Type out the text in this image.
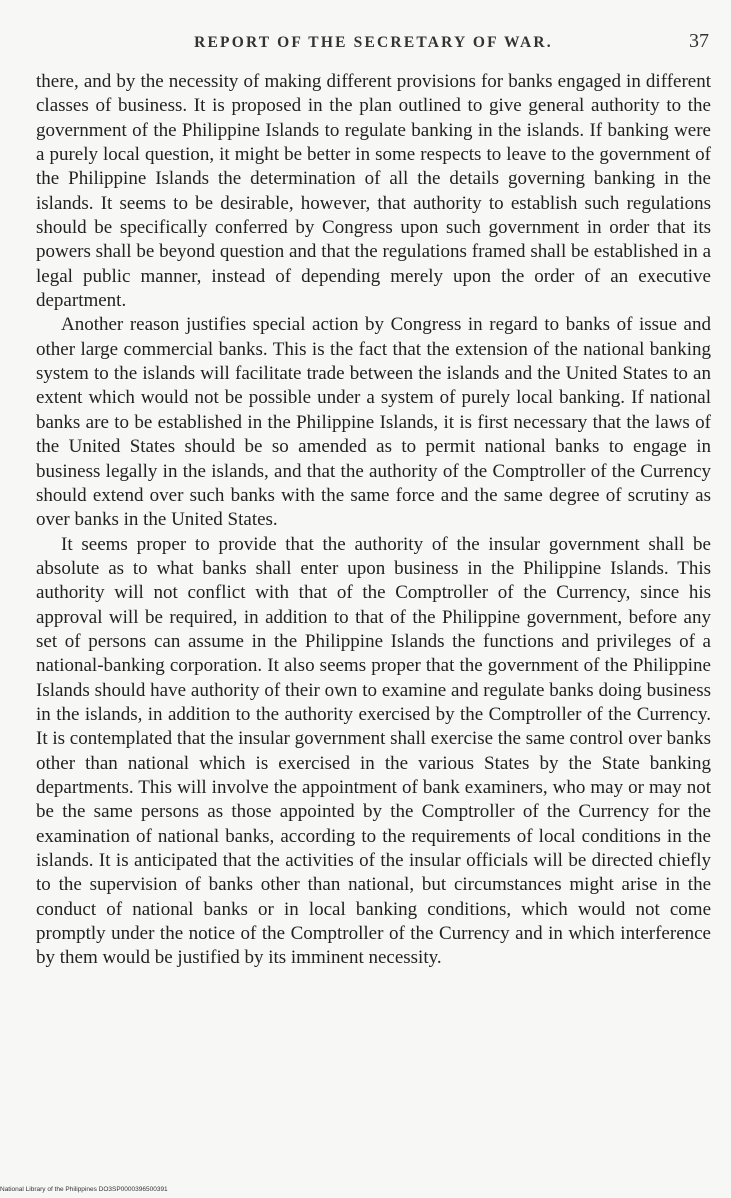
REPORT OF THE SECRETARY OF WAR.	37

there, and by the necessity of making different provisions for banks engaged in different classes of business. It is proposed in the plan outlined to give general authority to the government of the Philippine Islands to regulate banking in the islands. If banking were a purely local question, it might be better in some respects to leave to the government of the Philippine Islands the determination of all the details governing banking in the islands. It seems to be desirable, however, that authority to establish such regulations should be specifically conferred by Congress upon such government in order that its powers shall be beyond question and that the regulations framed shall be established in a legal public manner, instead of depending merely upon the order of an executive department.

Another reason justifies special action by Congress in regard to banks of issue and other large commercial banks. This is the fact that the extension of the national banking system to the islands will facilitate trade between the islands and the United States to an extent which would not be possible under a system of purely local banking. If national banks are to be established in the Philippine Islands, it is first necessary that the laws of the United States should be so amended as to permit national banks to engage in business legally in the islands, and that the authority of the Comptroller of the Currency should extend over such banks with the same force and the same degree of scrutiny as over banks in the United States.

It seems proper to provide that the authority of the insular government shall be absolute as to what banks shall enter upon business in the Philippine Islands. This authority will not conflict with that of the Comptroller of the Currency, since his approval will be required, in addition to that of the Philippine government, before any set of persons can assume in the Philippine Islands the functions and privileges of a national-banking corporation. It also seems proper that the government of the Philippine Islands should have authority of their own to examine and regulate banks doing business in the islands, in addition to the authority exercised by the Comptroller of the Currency. It is contemplated that the insular government shall exercise the same control over banks other than national which is exercised in the various States by the State banking departments. This will involve the appointment of bank examiners, who may or may not be the same persons as those appointed by the Comptroller of the Currency for the examination of national banks, according to the requirements of local conditions in the islands. It is anticipated that the activities of the insular officials will be directed chiefly to the supervision of banks other than national, but circumstances might arise in the conduct of national banks or in local banking conditions, which would not come promptly under the notice of the Comptroller of the Currency and in which interference by them would be justified by its imminent necessity.

National Library of the Philippines DO3SP0000396500391
